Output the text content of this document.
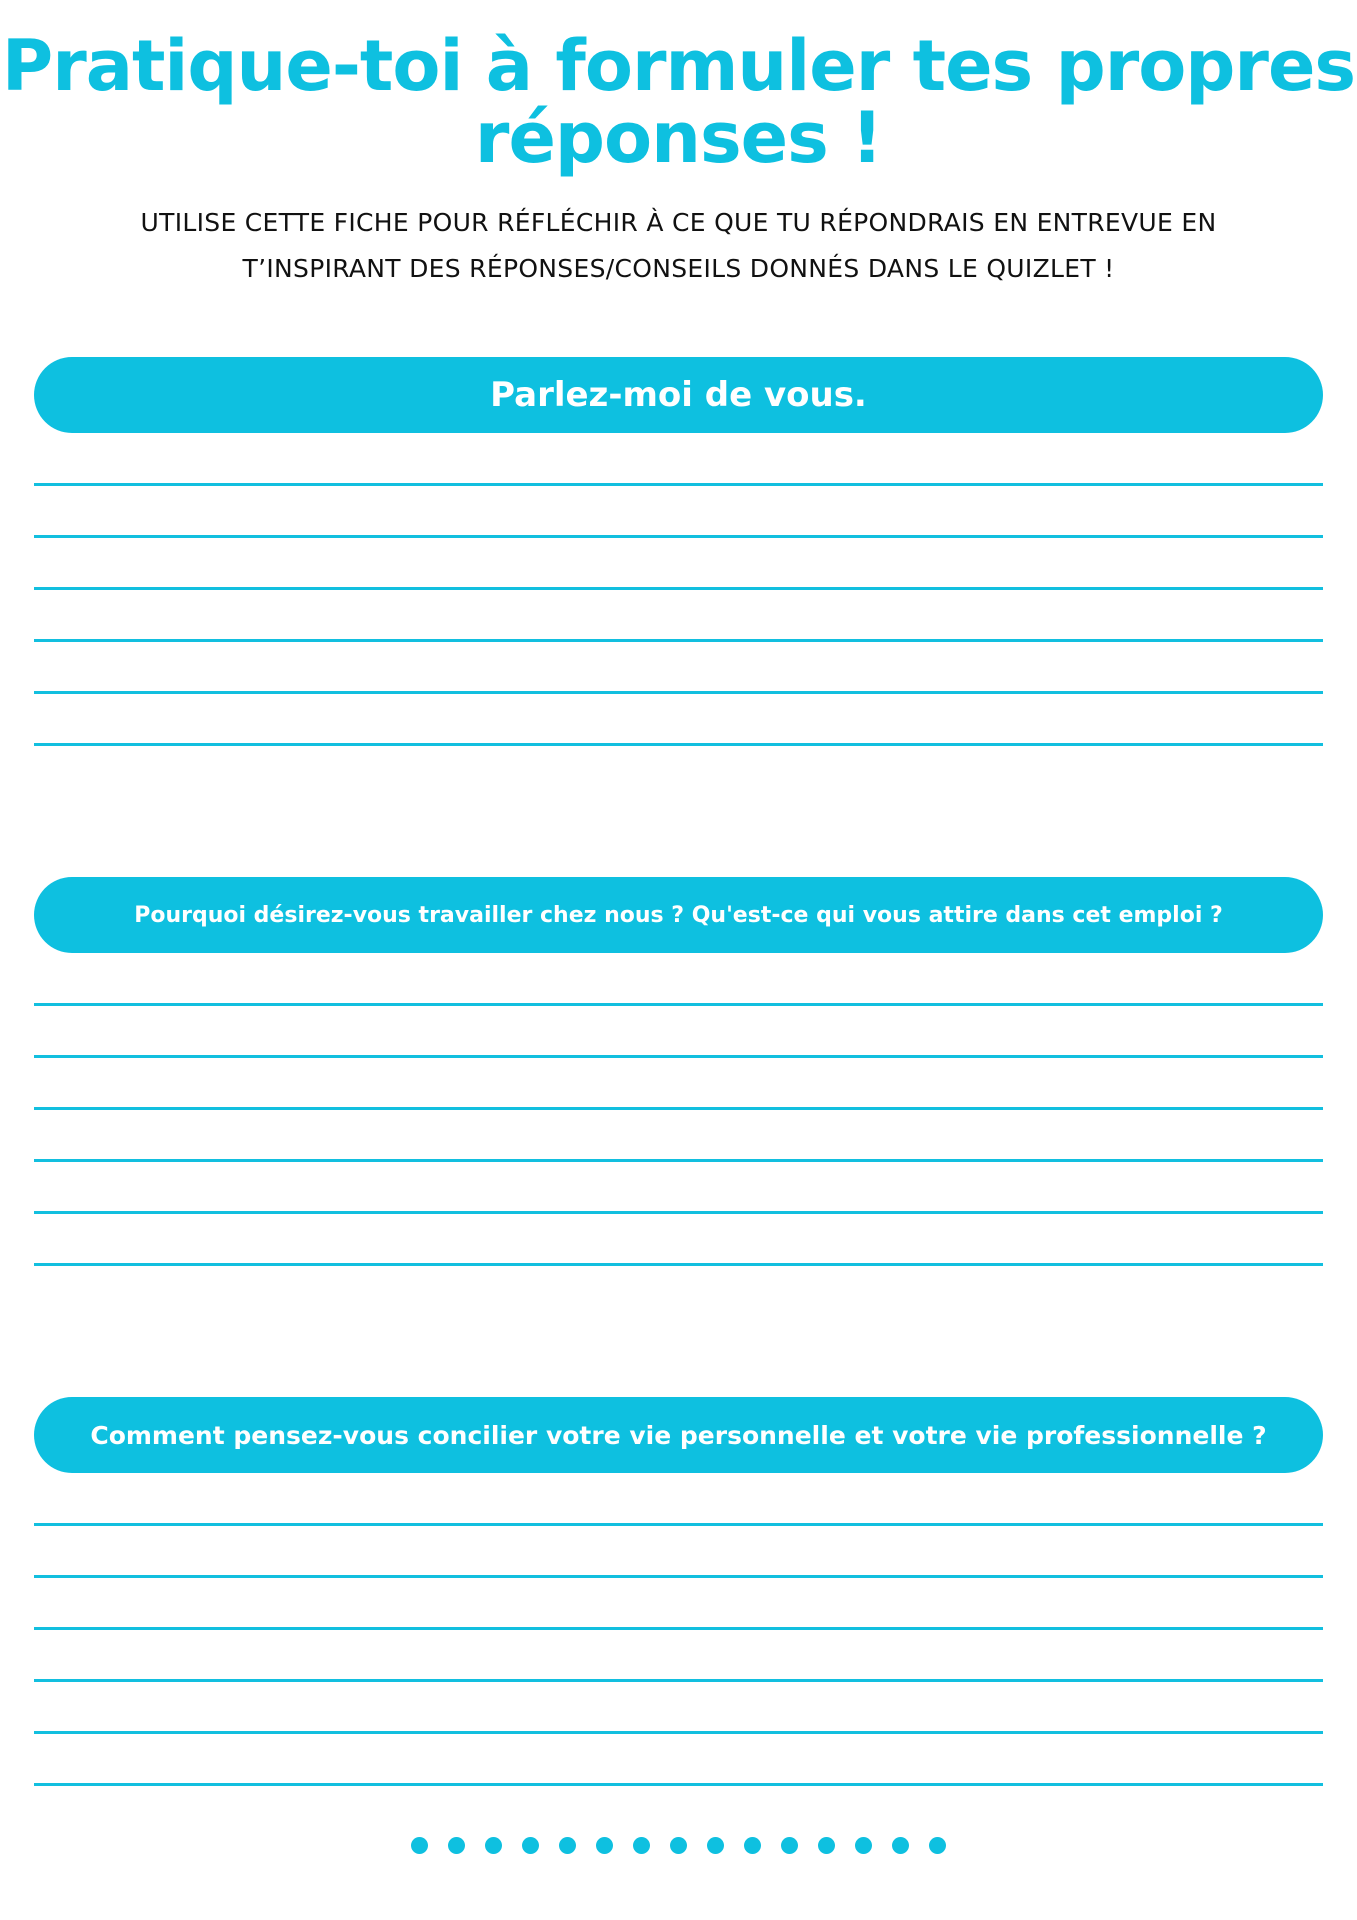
Pratique-toi à formuler tes propres
réponses !
UTILISE CETTE FICHE POUR RÉFLÉCHIR À CE QUE TU RÉPONDRAIS EN ENTREVUE EN
T’INSPIRANT DES RÉPONSES/CONSEILS DONNÉS DANS LE QUIZLET !
Parlez-moi de vous.
Pourquoi désirez-vous travailler chez nous ? Qu'est-ce qui vous attire dans cet emploi ?
Comment pensez-vous concilier votre vie personnelle et votre vie professionnelle ?
